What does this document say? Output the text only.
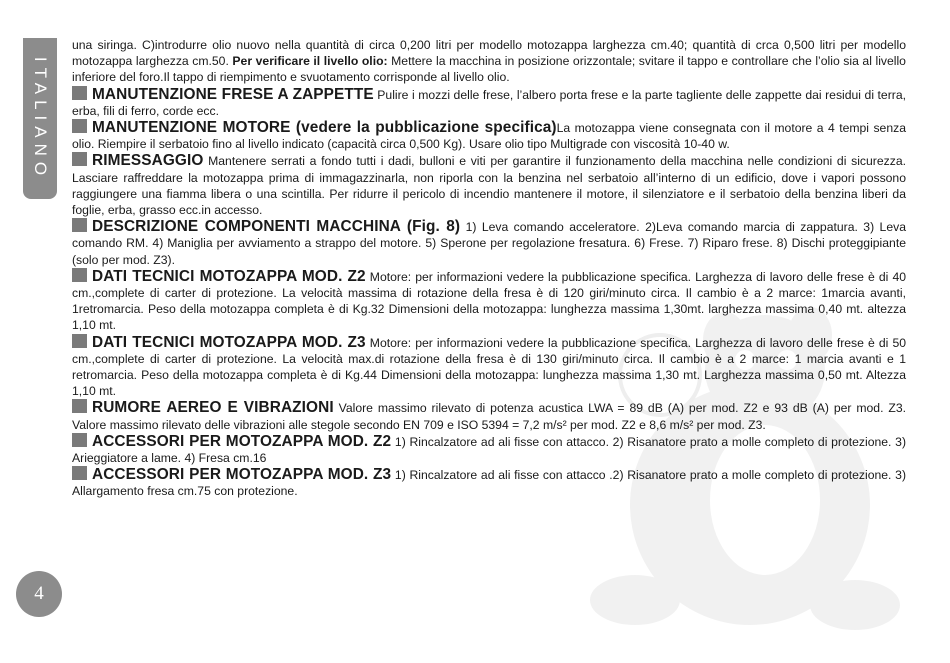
ITALIANO
4

una siringa. C)introdurre olio nuovo nella quantità di circa 0,200 litri per modello motozappa larghezza cm.40; quantità di crca 0,500 litri per modello motozappa larghezza cm.50. Per verificare il livello olio: Mettere la macchina in posizione orizzontale; svitare il tappo e controllare che l’olio sia al livello inferiore del foro.Il tappo di riempimento e svuotamento corrisponde al livello olio.

MANUTENZIONE FRESE A ZAPPETTE Pulire i mozzi delle frese, l’albero porta frese e la parte tagliente delle zappette dai residui di terra, erba, fili di ferro, corde ecc.

MANUTENZIONE MOTORE (vedere la pubblicazione specifica)La motozappa viene consegnata con il motore a 4 tempi senza olio. Riempire il serbatoio fino al livello indicato (capacità circa 0,500 Kg). Usare olio tipo Multigrade con viscosità 10-40 w.

RIMESSAGGIO Mantenere serrati a fondo tutti i dadi, bulloni e viti per garantire il funzionamento della macchina nelle condizioni di sicurezza. Lasciare raffreddare la motozappa prima di immagazzinarla, non riporla con la benzina nel serbatoio all’interno di un edificio, dove i vapori possono raggiungere una fiamma libera o una scintilla. Per ridurre il pericolo di incendio mantenere il motore, il silenziatore e il serbatoio della benzina liberi da foglie, erba, grasso ecc.in accesso.

DESCRIZIONE COMPONENTI MACCHINA (Fig. 8) 1) Leva comando acceleratore. 2)Leva comando marcia di zappatura. 3) Leva comando RM. 4) Maniglia per avviamento a strappo del motore. 5) Sperone per regolazione fresatura. 6) Frese. 7) Riparo frese. 8) Dischi proteggipiante (solo per mod. Z3).

DATI TECNICI MOTOZAPPA MOD. Z2 Motore: per informazioni vedere la pubblicazione specifica. Larghezza di lavoro delle frese è di 40 cm.,complete di carter di protezione. La velocità massima di rotazione della fresa è di 120 giri/minuto circa. Il cambio è a 2 marce: 1marcia avanti, 1retromarcia. Peso della motozappa completa è di Kg.32 Dimensioni della motozappa: lunghezza massima 1,30mt. larghezza massima 0,40 mt. altezza 1,10 mt.

DATI TECNICI MOTOZAPPA MOD. Z3 Motore: per informazioni vedere la pubblicazione specifica. Larghezza di lavoro delle frese è di 50 cm.,complete di carter di protezione. La velocità max.di rotazione della fresa è di 130 giri/minuto circa. Il cambio è a 2 marce: 1 marcia avanti e 1 retromarcia. Peso della motozappa completa è di Kg.44 Dimensioni della motozappa: lunghezza massima 1,30 mt. Larghezza massima 0,50 mt. Altezza 1,10 mt.

RUMORE AEREO E VIBRAZIONI Valore massimo rilevato di potenza acustica LWA = 89 dB (A) per mod. Z2 e 93 dB (A) per mod. Z3. Valore massimo rilevato delle vibrazioni alle stegole secondo EN 709 e ISO 5394 = 7,2 m/s² per mod. Z2 e 8,6 m/s² per mod. Z3.

ACCESSORI PER MOTOZAPPA MOD. Z2 1) Rincalzatore ad ali fisse con attacco. 2) Risanatore prato a molle completo di protezione. 3) Arieggiatore a lame. 4) Fresa cm.16

ACCESSORI PER MOTOZAPPA MOD. Z3 1) Rincalzatore ad ali fisse con attacco .2) Risanatore prato a molle completo di protezione. 3) Allargamento fresa cm.75 con protezione.
